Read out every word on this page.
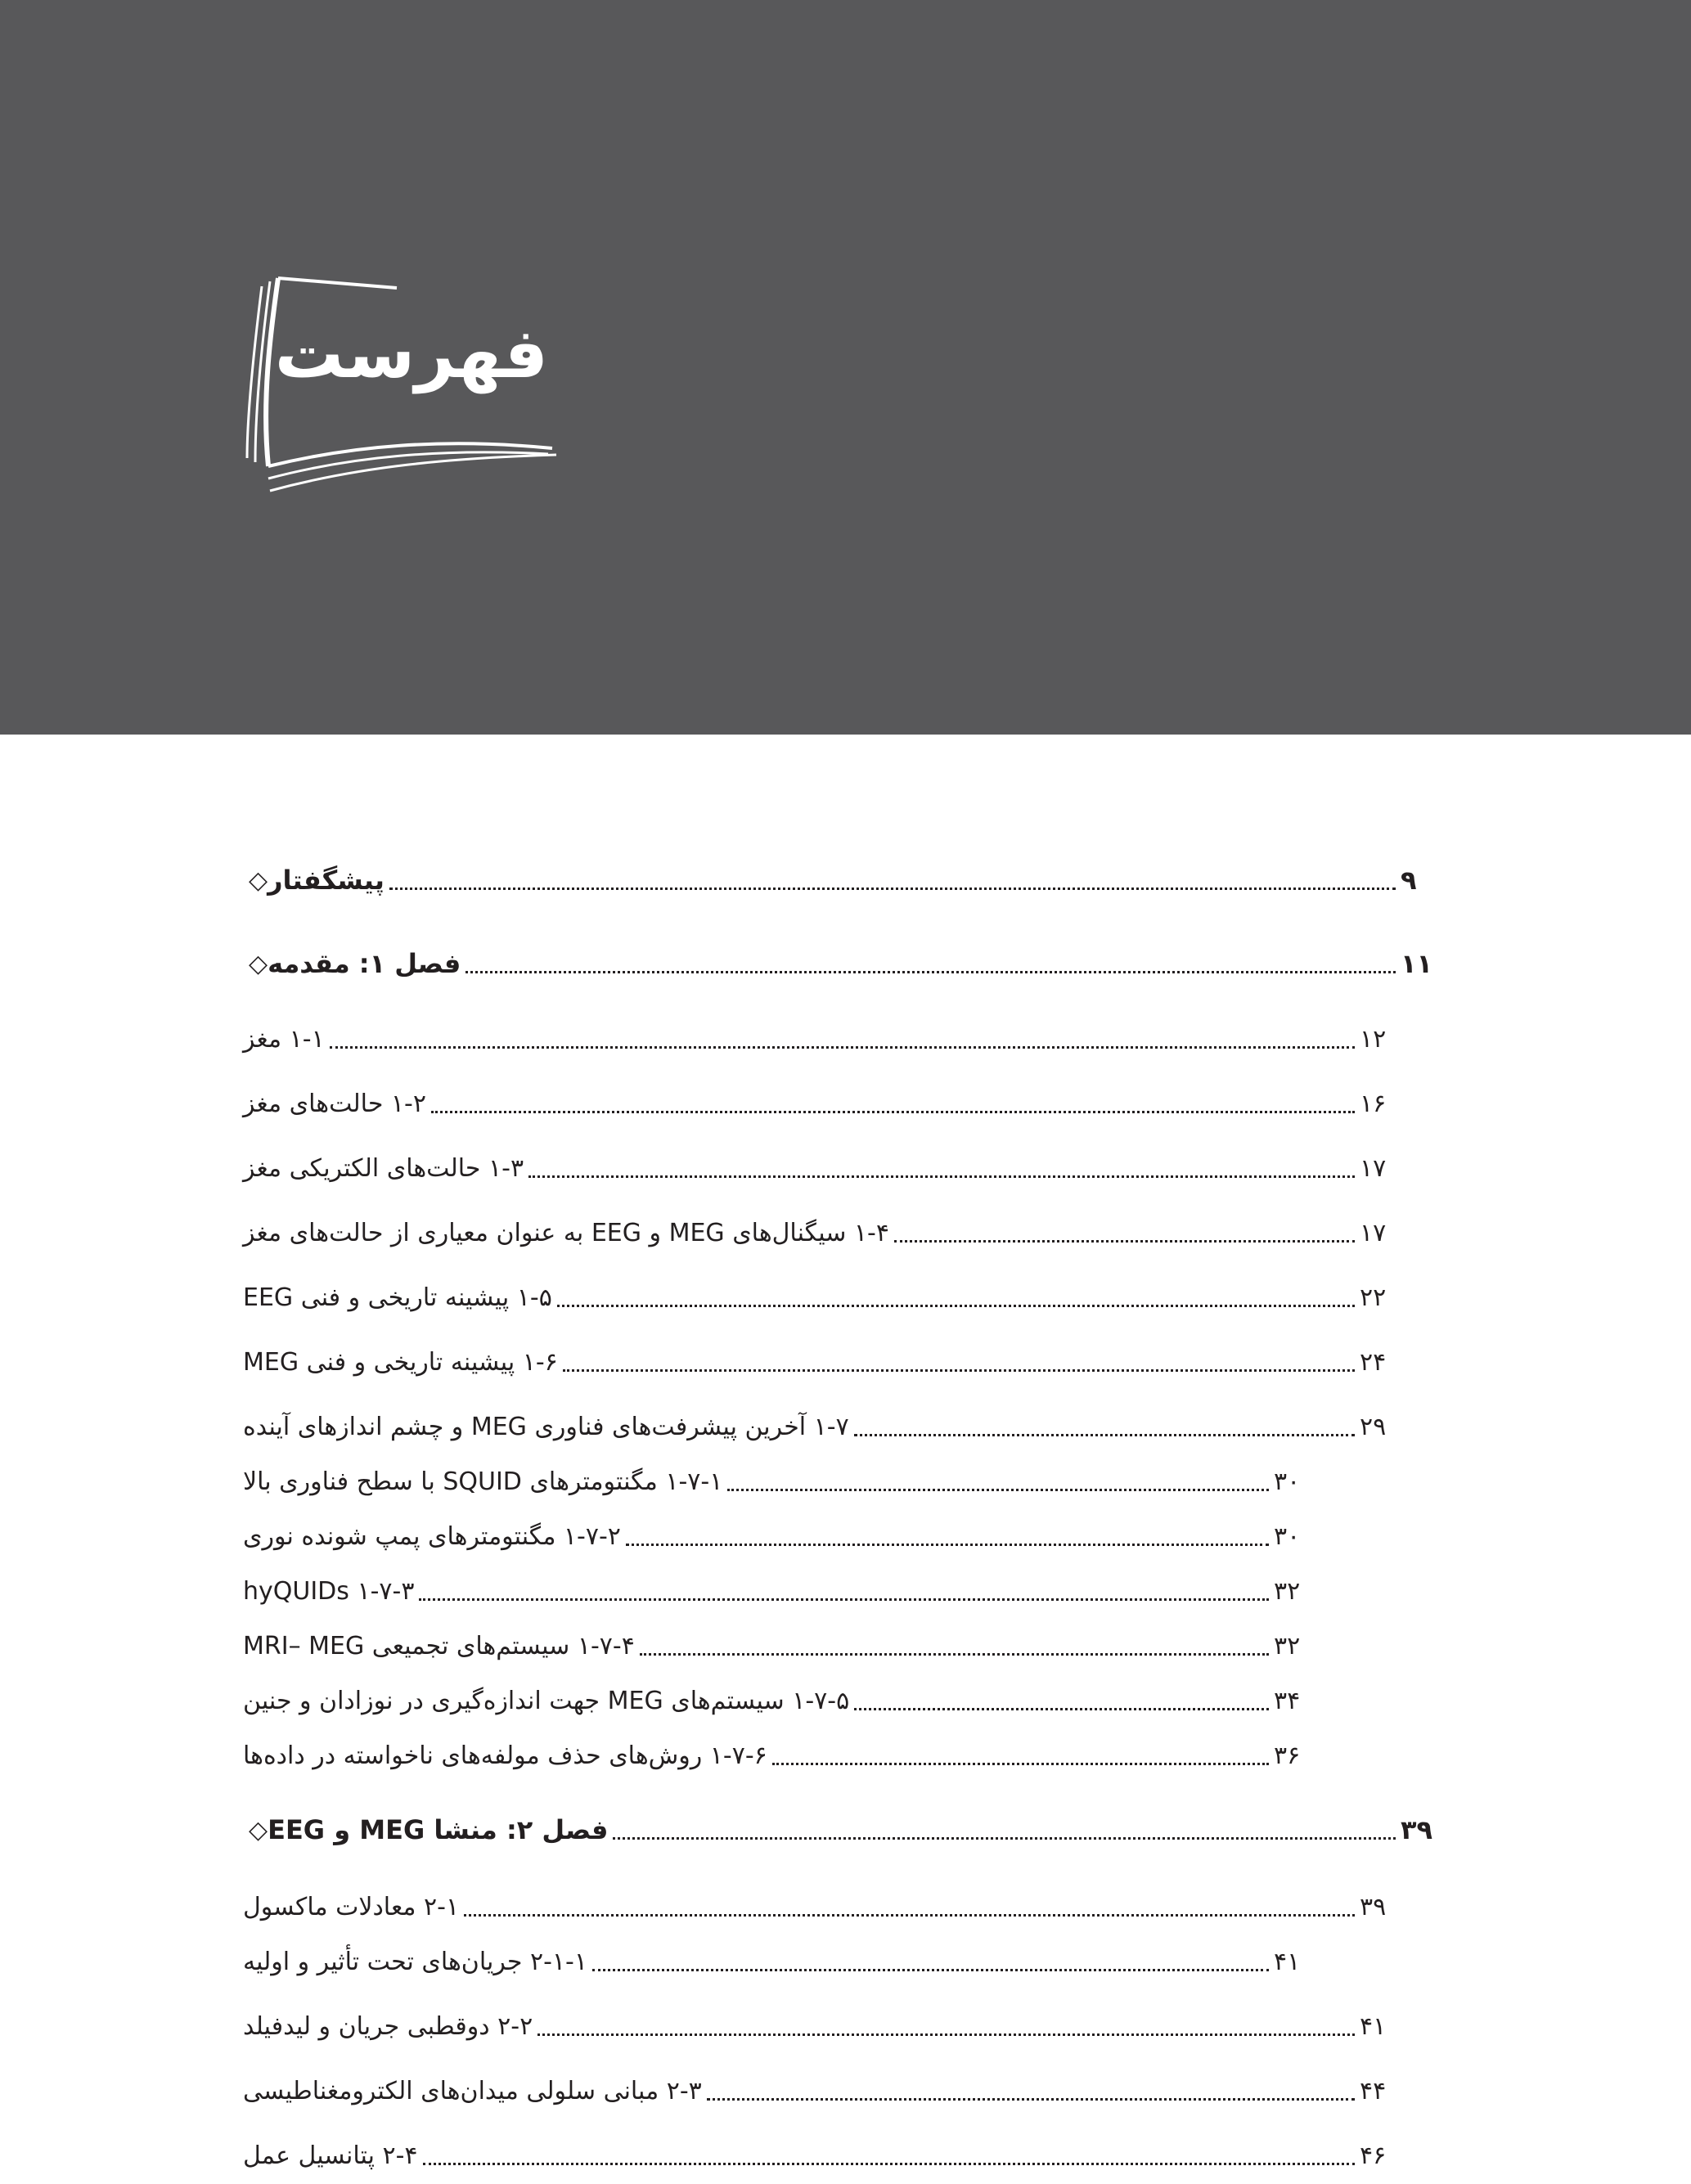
فهرست
◇ پیشگفتار	۹
◇ فصل ۱: مقدمه	۱۱
۱-۱ مغز	۱۲
۱-۲ حالت‌های مغز	۱۶
۱-۳ حالت‌های الکتریکی مغز	۱۷
۱-۴ سیگنال‌های MEG و EEG به عنوان معیاری از حالت‌های مغز	۱۷
۱-۵ پیشینه تاریخی و فنی EEG	۲۲
۱-۶ پیشینه تاریخی و فنی MEG	۲۴
۱-۷ آخرین پیشرفت‌های فناوری MEG و چشم اندازهای آینده	۲۹
۱-۷-۱ مگنتومترهای SQUID با سطح فناوری بالا	۳۰
۱-۷-۲ مگنتومترهای پمپ شونده نوری	۳۰
۱-۷-۳ hyQUIDs	۳۲
۱-۷-۴ سیستم‌های تجمیعی MRI– MEG	۳۲
۱-۷-۵ سیستم‌های MEG جهت اندازه‌گیری در نوزادان و جنین	۳۴
۱-۷-۶ روش‌های حذف مولفه‌های ناخواسته در داده‌ها	۳۶
◇ فصل ۲: منشا MEG و EEG	۳۹
۲-۱ معادلات ماکسول	۳۹
۲-۱-۱ جریان‌های تحت تأثیر و اولیه	۴۱
۲-۲ دوقطبی جریان و لیدفیلد	۴۱
۲-۳ مبانی سلولی میدان‌های الکترومغناطیسی	۴۴
۲-۴ پتانسیل عمل	۴۶
